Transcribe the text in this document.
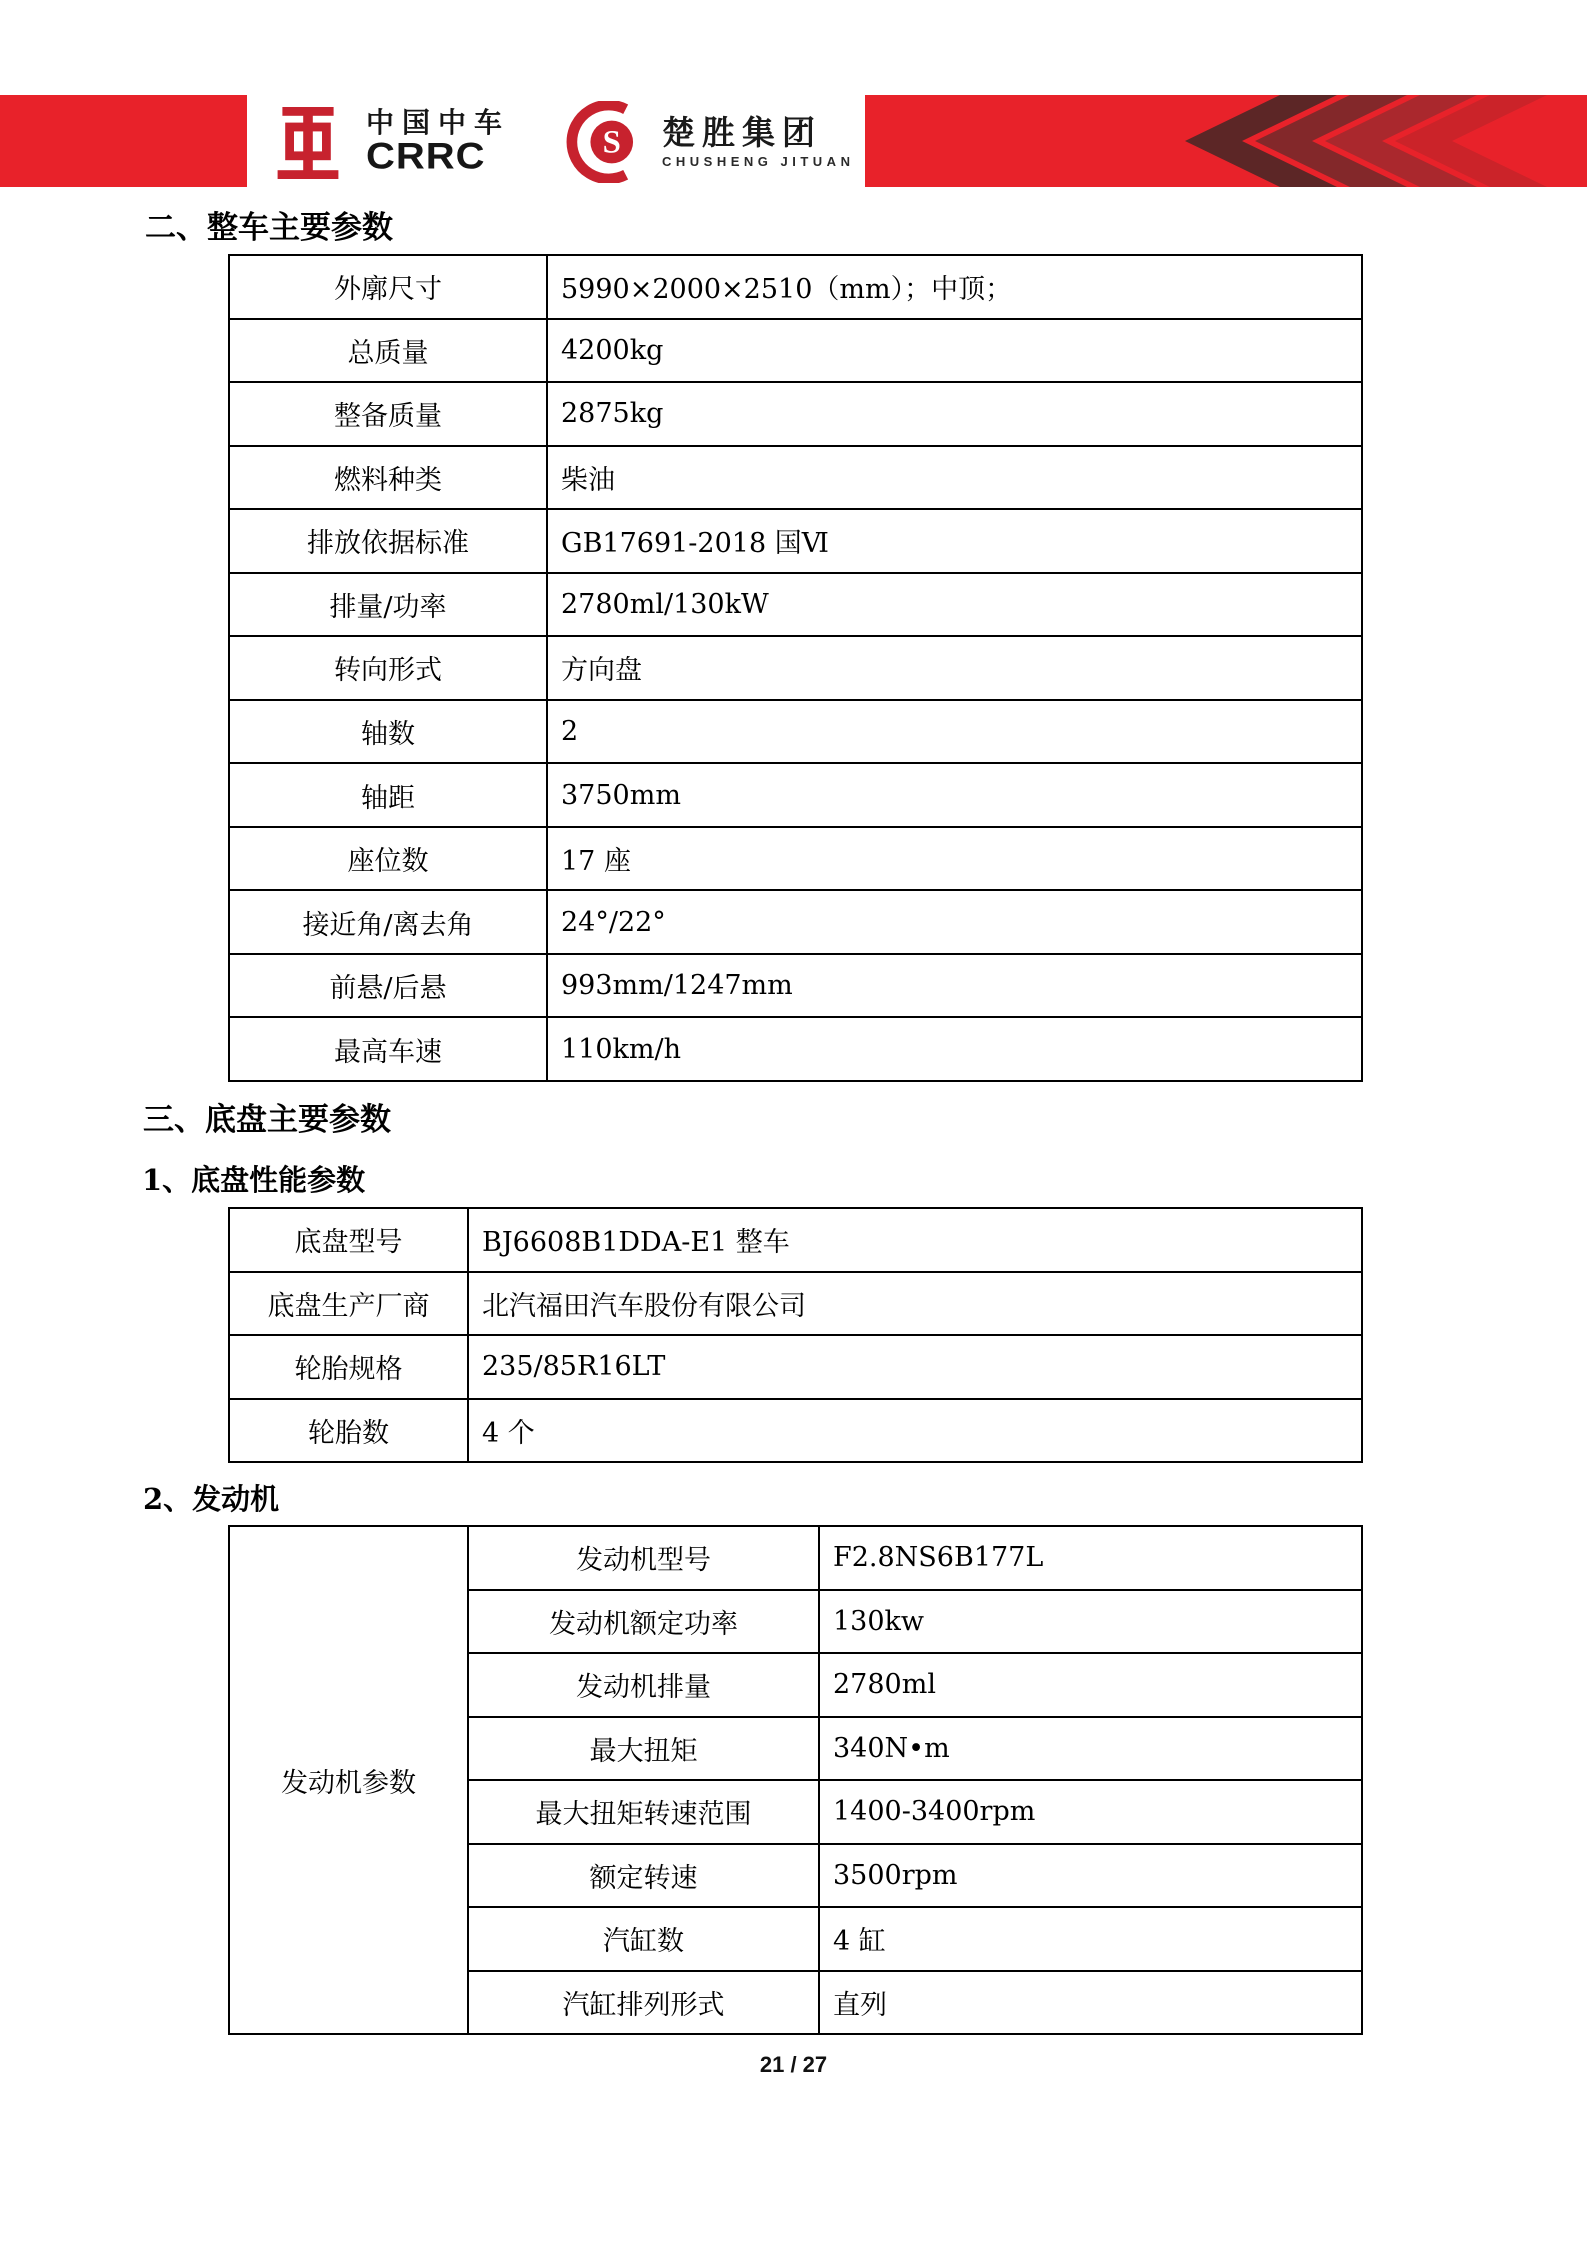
中国中车
CRRC	S 楚胜集团
CHUSHENG JITUAN
二、整车主要参数
三、底盘主要参数
1、底盘性能参数
2、发动机
外廓尺寸	5990×2000×2510（mm）；中顶；
总质量	4200kg
整备质量	2875kg
燃料种类	柴油
排放依据标准	GB17691-2018 国Ⅵ
排量/功率	2780ml/130kW
转向形式	方向盘
轴数	2
轴距	3750mm
座位数	17 座
接近角/离去角	24°/22°
前悬/后悬	993mm/1247mm
最高车速	110km/h
底盘型号	BJ6608B1DDA-E1 整车
底盘生产厂商	北汽福田汽车股份有限公司
轮胎规格	235/85R16LT
轮胎数	4 个
发动机参数	发动机型号	F2.8NS6B177L
	发动机额定功率	130kw
	发动机排量	2780ml
	最大扭矩	340N•m
	最大扭矩转速范围	1400-3400rpm
	额定转速	3500rpm
	汽缸数	4 缸
	汽缸排列形式	直列
21 / 27
